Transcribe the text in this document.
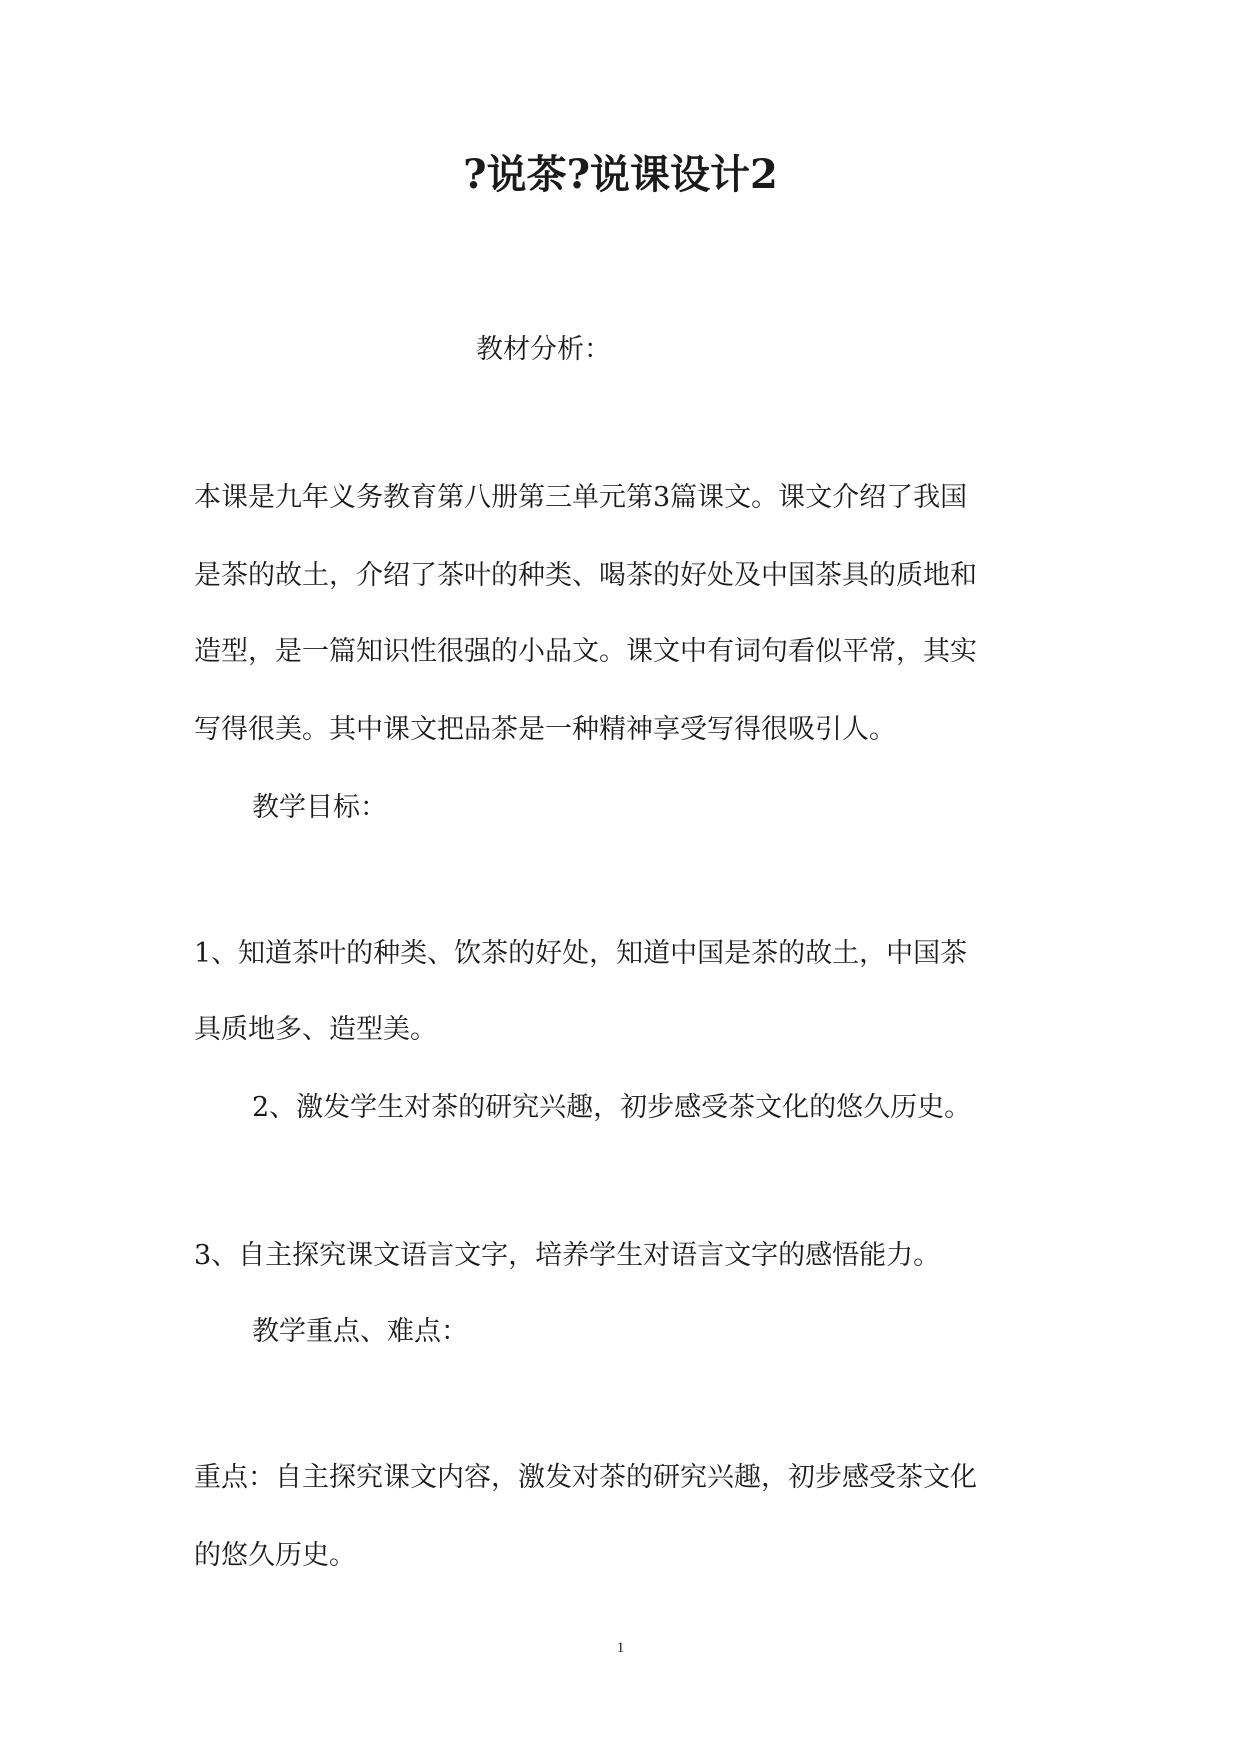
?说茶?说课设计2
教材分析：
本课是九年义务教育第八册第三单元第3篇课文。课文介绍了我国
是茶的故土，介绍了茶叶的种类、喝茶的好处及中国茶具的质地和
造型，是一篇知识性很强的小品文。课文中有词句看似平常，其实
写得很美。其中课文把品茶是一种精神享受写得很吸引人。
教学目标：
1、知道茶叶的种类、饮茶的好处，知道中国是茶的故土，中国茶
具质地多、造型美。
2、激发学生对茶的研究兴趣，初步感受茶文化的悠久历史。
3、自主探究课文语言文字，培养学生对语言文字的感悟能力。
教学重点、难点：
重点：自主探究课文内容，激发对茶的研究兴趣，初步感受茶文化
的悠久历史。
1
